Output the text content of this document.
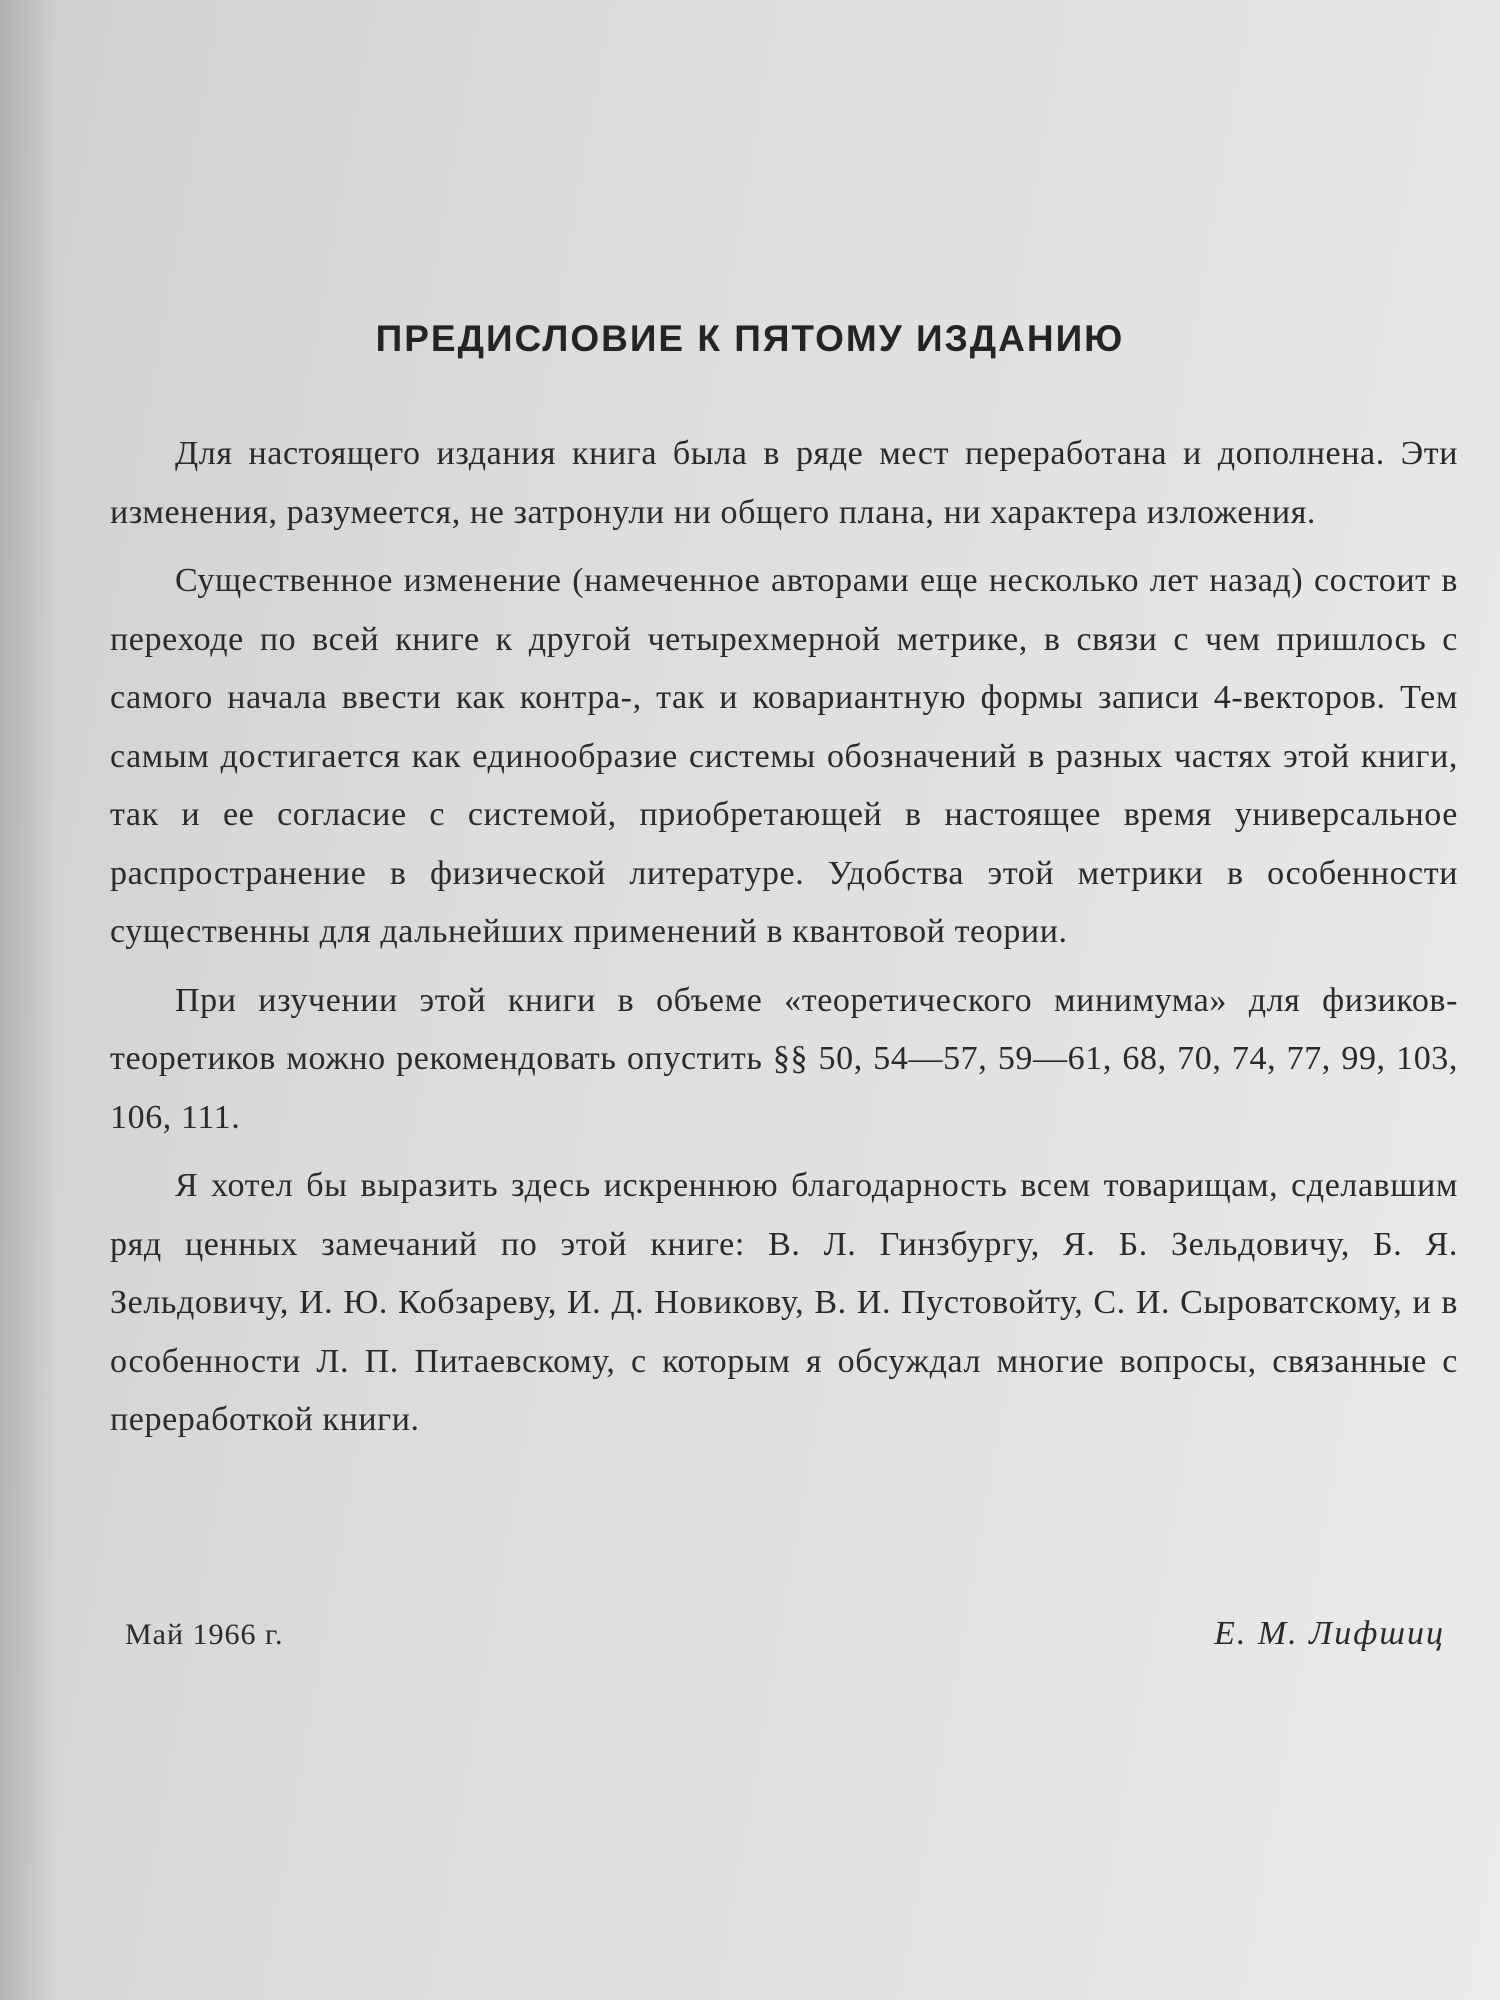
ПРЕДИСЛОВИЕ К ПЯТОМУ ИЗДАНИЮ

Для настоящего издания книга была в ряде мест переработана и дополнена. Эти изменения, разумеется, не затронули ни общего плана, ни характера изложения.

Существенное изменение (намеченное авторами еще несколько лет назад) состоит в переходе по всей книге к другой четырехмерной метрике, в связи с чем пришлось с самого начала ввести как контра-, так и ковариантную формы записи 4-векторов. Тем самым достигается как единообразие системы обозначений в разных частях этой книги, так и ее согласие с системой, приобретающей в настоящее время универсальное распространение в физической литературе. Удобства этой метрики в особенности существенны для дальнейших применений в квантовой теории.

При изучении этой книги в объеме «теоретического минимума» для физиков-теоретиков можно рекомендовать опустить §§ 50, 54—57, 59—61, 68, 70, 74, 77, 99, 103, 106, 111.

Я хотел бы выразить здесь искреннюю благодарность всем товарищам, сделавшим ряд ценных замечаний по этой книге: В. Л. Гинзбургу, Я. Б. Зельдовичу, Б. Я. Зельдовичу, И. Ю. Кобзареву, И. Д. Новикову, В. И. Пустовойту, С. И. Сыроватскому, и в особенности Л. П. Питаевскому, с которым я обсуждал многие вопросы, связанные с переработкой книги.

Май 1966 г.	Е. М. Лифшиц
